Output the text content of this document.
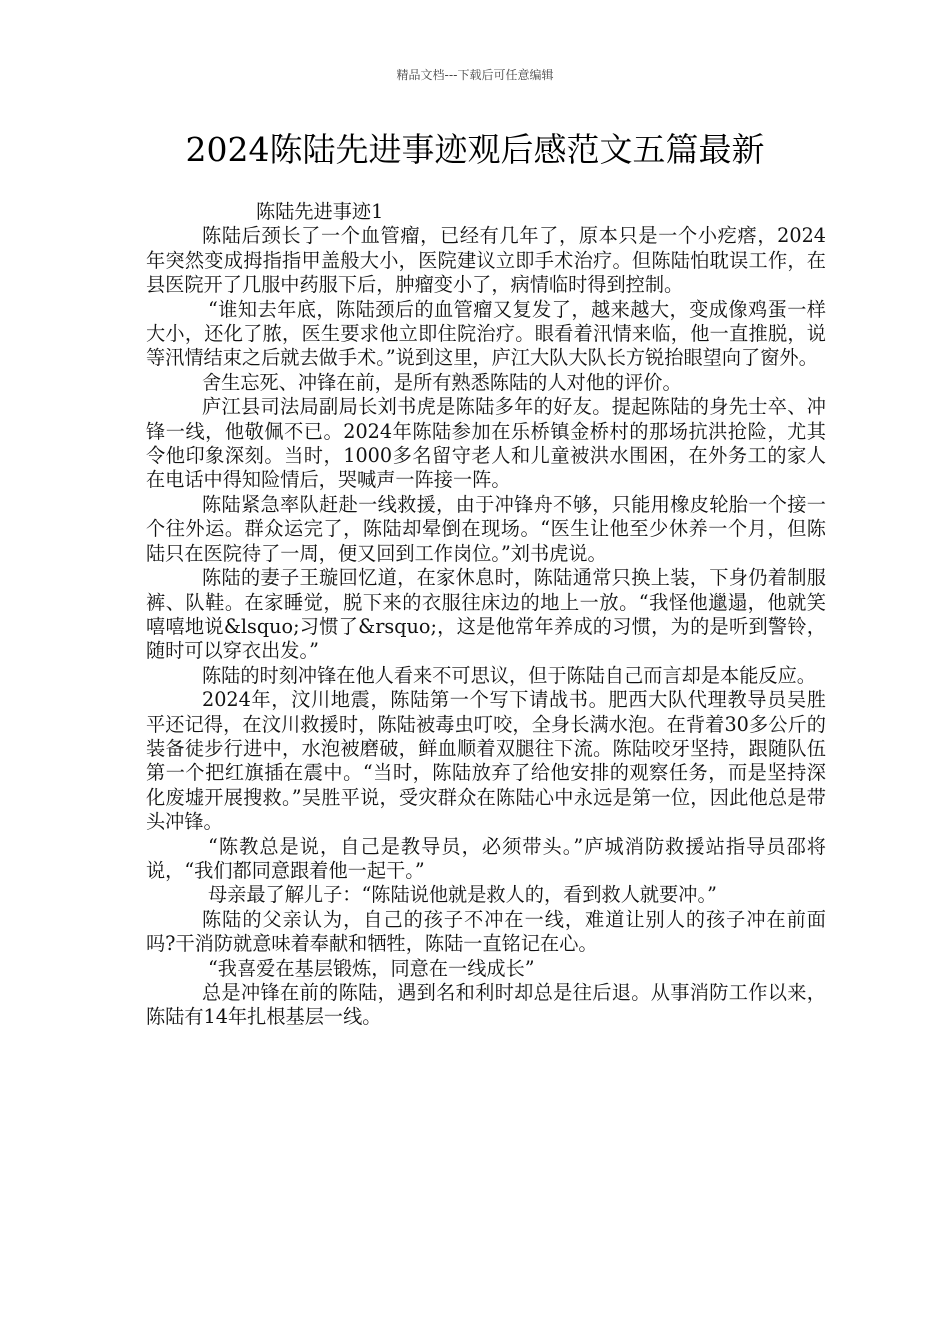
精品文档---下载后可任意编辑
2024陈陆先进事迹观后感范文五篇最新

陈陆先进事迹1

陈陆后颈长了一个血管瘤，已经有几年了，原本只是一个小疙瘩，2024年突然变成拇指指甲盖般大小，医院建议立即手术治疗。但陈陆怕耽误工作，在县医院开了几服中药服下后，肿瘤变小了，病情临时得到控制。

“谁知去年底，陈陆颈后的血管瘤又复发了，越来越大，变成像鸡蛋一样大小，还化了脓，医生要求他立即住院治疗。眼看着汛情来临，他一直推脱，说等汛情结束之后就去做手术。”说到这里，庐江大队大队长方锐抬眼望向了窗外。

舍生忘死、冲锋在前，是所有熟悉陈陆的人对他的评价。

庐江县司法局副局长刘书虎是陈陆多年的好友。提起陈陆的身先士卒、冲锋一线，他敬佩不已。2024年陈陆参加在乐桥镇金桥村的那场抗洪抢险，尤其令他印象深刻。当时，1000多名留守老人和儿童被洪水围困，在外务工的家人在电话中得知险情后，哭喊声一阵接一阵。

陈陆紧急率队赶赴一线救援，由于冲锋舟不够，只能用橡皮轮胎一个接一个往外运。群众运完了，陈陆却晕倒在现场。“医生让他至少休养一个月，但陈陆只在医院待了一周，便又回到工作岗位。”刘书虎说。

陈陆的妻子王璇回忆道，在家休息时，陈陆通常只换上装，下身仍着制服裤、队鞋。在家睡觉，脱下来的衣服往床边的地上一放。“我怪他邋遢，他就笑嘻嘻地说&lsquo;习惯了&rsquo;，这是他常年养成的习惯，为的是听到警铃，随时可以穿衣出发。”

陈陆的时刻冲锋在他人看来不可思议，但于陈陆自己而言却是本能反应。

2024年，汶川地震，陈陆第一个写下请战书。肥西大队代理教导员吴胜平还记得，在汶川救援时，陈陆被毒虫叮咬，全身长满水泡。在背着30多公斤的装备徒步行进中，水泡被磨破，鲜血顺着双腿往下流。陈陆咬牙坚持，跟随队伍第一个把红旗插在震中。“当时，陈陆放弃了给他安排的观察任务，而是坚持深化废墟开展搜救。”吴胜平说，受灾群众在陈陆心中永远是第一位，因此他总是带头冲锋。

“陈教总是说，自己是教导员，必须带头。”庐城消防救援站指导员邵将说，“我们都同意跟着他一起干。”

母亲最了解儿子：“陈陆说他就是救人的，看到救人就要冲。”

陈陆的父亲认为，自己的孩子不冲在一线，难道让别人的孩子冲在前面吗?干消防就意味着奉献和牺牲，陈陆一直铭记在心。

“我喜爱在基层锻炼，同意在一线成长”

总是冲锋在前的陈陆，遇到名和利时却总是往后退。从事消防工作以来，陈陆有14年扎根基层一线。
